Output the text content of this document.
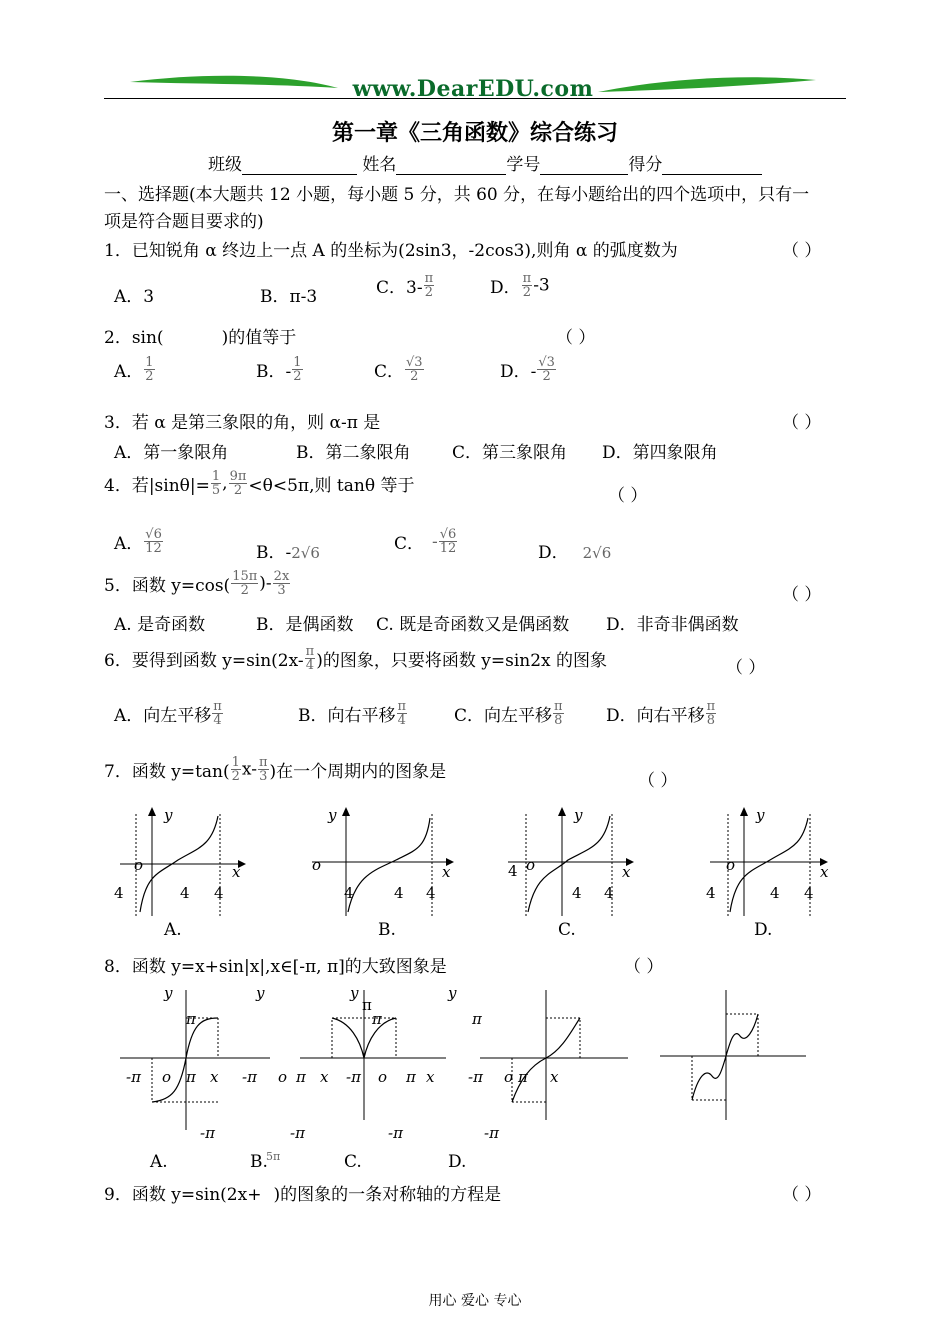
www.DearEDU.com
第一章《三角函数》综合练习
班级	姓名	学号	得分
一、选择题(本大题共 12 小题，每小题 5 分，共 60 分，在每小题给出的四个选项中，只有一
项是符合题目要求的)
1．已知锐角 α 终边上一点 A 的坐标为(2sin3，-2cos3),则角 α 的弧度数为	（ ）
A．3	B．π-3	C．$3- \frac{\pi}{2}$	D． $\frac{\pi}{2} -3$
2．sin(	)的值等于	（ ）
A． $\frac{1}{2}$	B．- $\frac{1}{2}$	C． $\frac{√3}{2}$	D．- $\frac{√3}{2}$
3．若 α 是第三象限的角，则 α-π 是	（ ）
A．第一象限角	B．第二象限角 C．第三象限角 D．第四象限角
4．若$|\sin\theta|= \frac{1}{5}$ , $\frac{9\pi}{2} <\theta<5\pi$,则 tanθ 等于	（ ）
A． $\frac{√6}{12}$	B．-2√6	C． - $\frac{√6}{12}$	D． 2√6
5．函数 $y=\cos( \frac{15\pi}{2}$ )- $\frac{2x}{3}$	（ ）
A. 是奇函数	B．是偶函数 C. 既是奇函数又是偶函数 D．非奇非偶函数
6．要得到函数 $y=\sin(2x- \frac{\pi}{4}$ )的图象，只要将函数 y=sin2x 的图象	（ ）
A．向左平移 $\frac{\pi}{4}$	B．向右平移 $\frac{\pi}{4}$	C．向左平移 $\frac{\pi}{8}$ D．向右平移 $\frac{\pi}{8}$
7．函数 $y=\tan( \frac{1}{2} x- \frac{\pi}{3}$ )在一个周期内的图象是	（ ）
y
x
o
4	4 4
A.
y
x
o
4	4 4
B.
y
x
o
4
4 4
C.
y
x
o
4	4 4
D.
8．函数 y=x+sin|x|,x∈[-π, π]的大致图象是	（ ）
y
π
-π o π x
-π
y	y
π
π
-π o π x -π o π x
-π	-π
y
π
-π o π x
-π
A.	B.
5π	C.	D.
9．函数 y=sin(2x+ )的图象的一条对称轴的方程是	（ ）
用心 爱心 专心
